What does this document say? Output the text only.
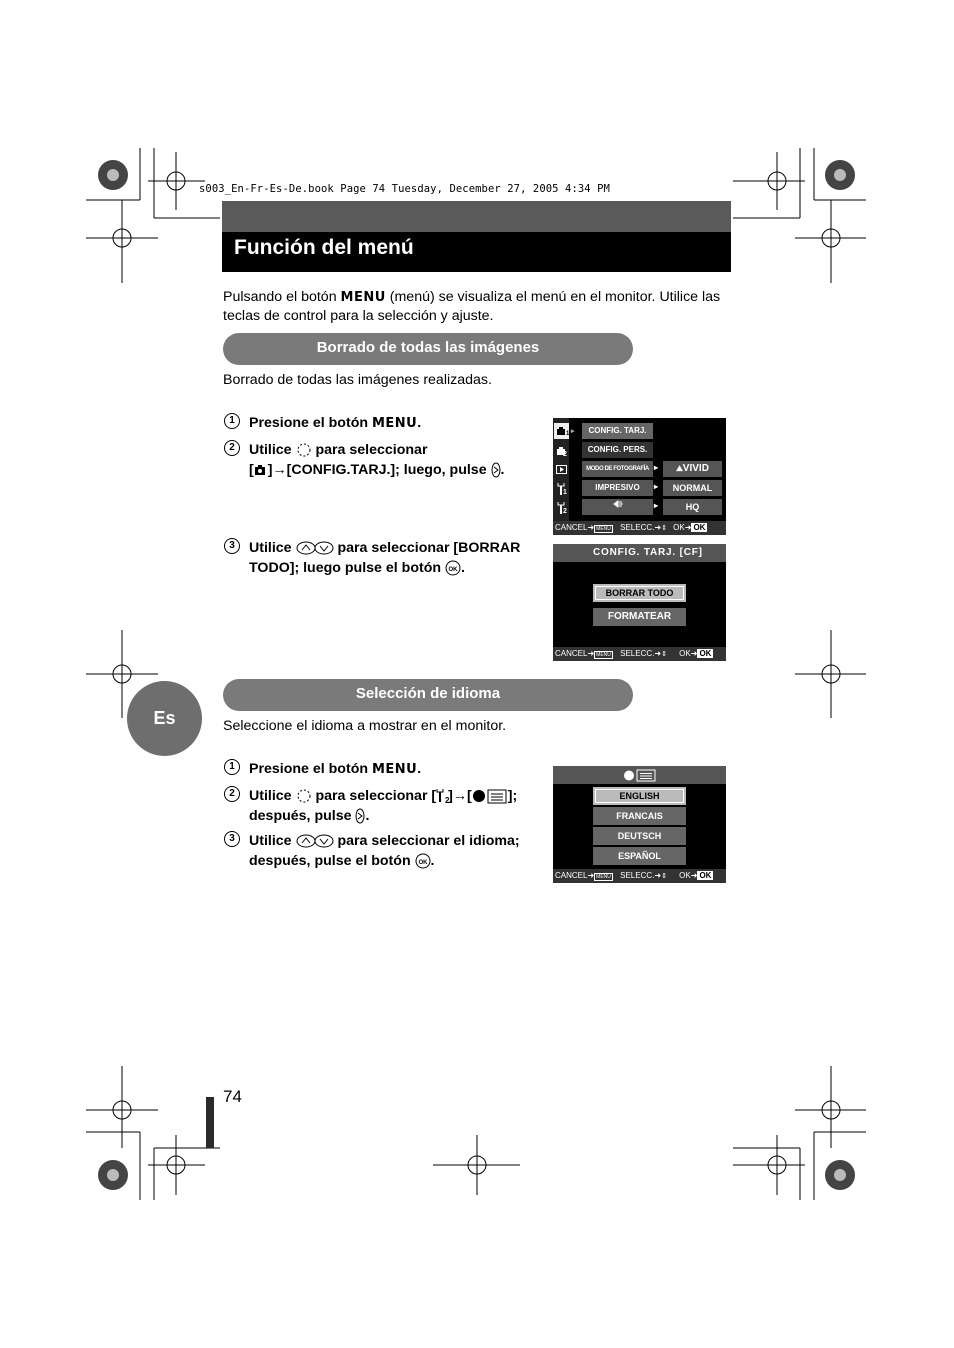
s003_En-Fr-Es-De.book Page 74 Tuesday, December 27, 2005 4:34 PM
Función del menú
Pulsando el botón MENU (menú) se visualiza el menú en el monitor. Utilice las teclas de control para la selección y ajuste.
Borrado de todas las imágenes
Borrado de todas las imágenes realizadas.
1	Presione el botón MENU.
2	Utilice  para seleccionar
[ ]→[CONFIG.TARJ.]; luego, pulse .
3	Utilice	para seleccionar [BORRAR
TODO]; luego pulse el botón OK .
1
2
1
2
▸	CONFIG. TARJ.
CONFIG. PERS.
MODO DE FOTOGRAFÍA
IMPRESIVO
▸
▸
▸
⛰VIVID
NORMAL
HQ
CANCEL➜ MENU SELECC.➜⇕ OK➜ OK
CONFIG. TARJ. [CF]
BORRAR TODO
FORMATEAR
CANCEL➜ MENU SELECC.➜⇕ OK➜ OK
Es
Selección de idioma
Seleccione el idioma a mostrar en el monitor.
1	Presione el botón MENU.
2	Utilice  para seleccionar [ 2
]→[	];
después, pulse .
3	Utilice	para seleccionar el idioma;
después, pulse el botón OK .
ENGLISH
FRANCAIS
DEUTSCH
ESPAÑOL
CANCEL➜ MENU SELECC.➜⇕ OK➜ OK
74
